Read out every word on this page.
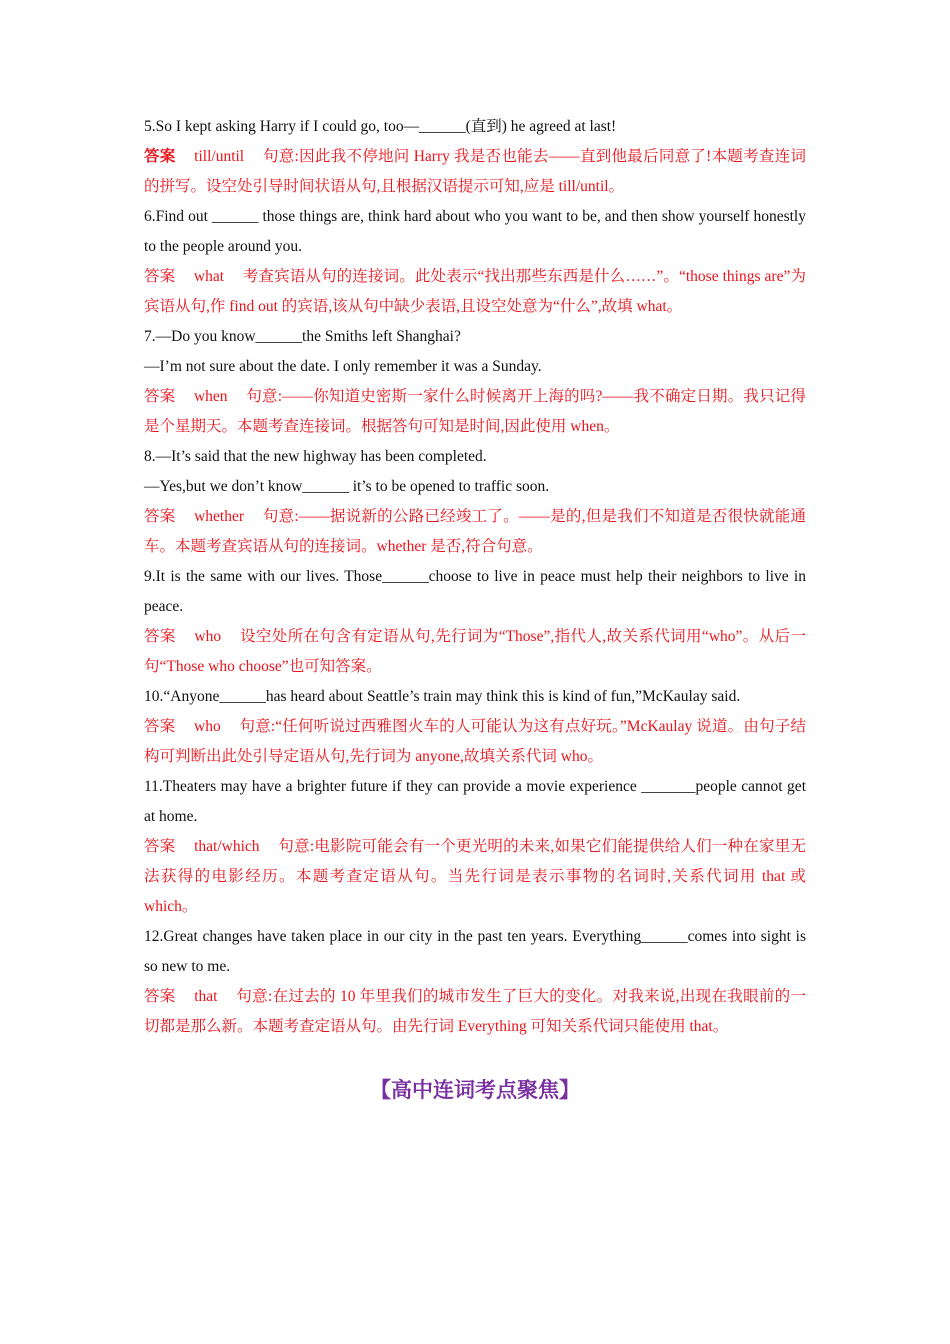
5.So I kept asking Harry if I could go, too—______(直到) he agreed at last!
答案 till/until 句意:因此我不停地问 Harry 我是否也能去——直到他最后同意了!本题考查连词的拼写。设空处引导时间状语从句,且根据汉语提示可知,应是 till/until。
6.Find out ______ those things are, think hard about who you want to be, and then show yourself honestly to the people around you.
答案 what 考查宾语从句的连接词。此处表示“找出那些东西是什么……”。“those things are”为宾语从句,作 find out 的宾语,该从句中缺少表语,且设空处意为“什么”,故填 what。
7.—Do you know______the Smiths left Shanghai?
—I’m not sure about the date. I only remember it was a Sunday.
答案 when 句意:——你知道史密斯一家什么时候离开上海的吗?——我不确定日期。我只记得是个星期天。本题考查连接词。根据答句可知是时间,因此使用 when。
8.—It’s said that the new highway has been completed.
—Yes,but we don’t know______ it’s to be opened to traffic soon.
答案 whether 句意:——据说新的公路已经竣工了。——是的,但是我们不知道是否很快就能通车。本题考查宾语从句的连接词。whether 是否,符合句意。
9.It is the same with our lives. Those______choose to live in peace must help their neighbors to live in peace.
答案 who 设空处所在句含有定语从句,先行词为“Those”,指代人,故关系代词用“who”。从后一句“Those who choose”也可知答案。
10.“Anyone______has heard about Seattle’s train may think this is kind of fun,”McKaulay said.
答案 who 句意:“任何听说过西雅图火车的人可能认为这有点好玩。”McKaulay 说道。由句子结构可判断出此处引导定语从句,先行词为 anyone,故填关系代词 who。
11.Theaters may have a brighter future if they can provide a movie experience _______people cannot get at home.
答案 that/which 句意:电影院可能会有一个更光明的未来,如果它们能提供给人们一种在家里无法获得的电影经历。本题考查定语从句。当先行词是表示事物的名词时,关系代词用 that 或 which。
12.Great changes have taken place in our city in the past ten years. Everything______comes into sight is so new to me.
答案 that 句意:在过去的 10 年里我们的城市发生了巨大的变化。对我来说,出现在我眼前的一切都是那么新。本题考查定语从句。由先行词 Everything 可知关系代词只能使用 that。
【高中连词考点聚焦】
